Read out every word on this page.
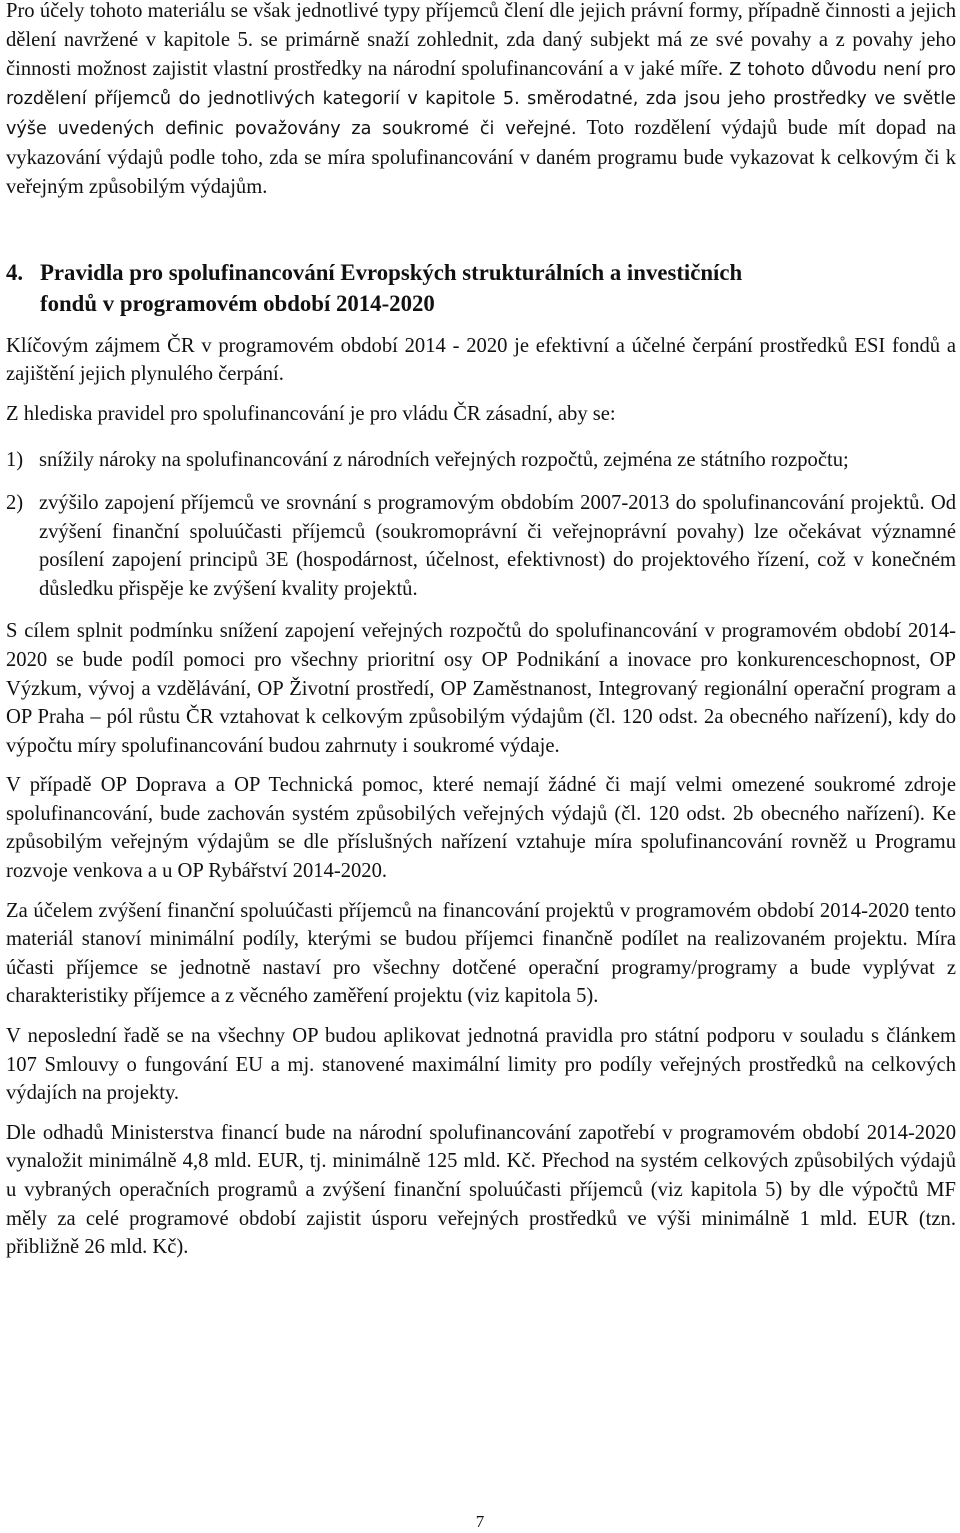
Pro účely tohoto materiálu se však jednotlivé typy příjemců člení dle jejich právní formy, případně činnosti a jejich dělení navržené v kapitole 5. se primárně snaží zohlednit, zda daný subjekt má ze své povahy a z povahy jeho činnosti možnost zajistit vlastní prostředky na národní spolufinancování a v jaké míře. Z tohoto důvodu není pro rozdělení příjemců do jednotlivých kategorií v kapitole 5. směrodatné, zda jsou jeho prostředky ve světle výše uvedených definic považovány za soukromé či veřejné. Toto rozdělení výdajů bude mít dopad na vykazování výdajů podle toho, zda se míra spolufinancování v daném programu bude vykazovat k celkovým či k veřejným způsobilým výdajům.

4. Pravidla pro spolufinancování Evropských strukturálních a investičních
fondů v programovém období 2014-2020

Klíčovým zájmem ČR v programovém období 2014 - 2020 je efektivní a účelné čerpání prostředků ESI fondů a zajištění jejich plynulého čerpání.

Z hlediska pravidel pro spolufinancování je pro vládu ČR zásadní, aby se:

1) snížily nároky na spolufinancování z národních veřejných rozpočtů, zejména ze státního rozpočtu;
2) zvýšilo zapojení příjemců ve srovnání s programovým obdobím 2007-2013 do spolufinancování projektů. Od zvýšení finanční spoluúčasti příjemců (soukromoprávní či veřejnoprávní povahy) lze očekávat významné posílení zapojení principů 3E (hospodárnost, účelnost, efektivnost) do projektového řízení, což v konečném důsledku přispěje ke zvýšení kvality projektů.

S cílem splnit podmínku snížení zapojení veřejných rozpočtů do spolufinancování v programovém období 2014-2020 se bude podíl pomoci pro všechny prioritní osy OP Podnikání a inovace pro konkurenceschopnost, OP Výzkum, vývoj a vzdělávání, OP Životní prostředí, OP Zaměstnanost, Integrovaný regionální operační program a OP Praha – pól růstu ČR vztahovat k celkovým způsobilým výdajům (čl. 120 odst. 2a obecného nařízení), kdy do výpočtu míry spolufinancování budou zahrnuty i soukromé výdaje.

V případě OP Doprava a OP Technická pomoc, které nemají žádné či mají velmi omezené soukromé zdroje spolufinancování, bude zachován systém způsobilých veřejných výdajů (čl. 120 odst. 2b obecného nařízení). Ke způsobilým veřejným výdajům se dle příslušných nařízení vztahuje míra spolufinancování rovněž u Programu rozvoje venkova a u OP Rybářství 2014-2020.

Za účelem zvýšení finanční spoluúčasti příjemců na financování projektů v programovém období 2014-2020 tento materiál stanoví minimální podíly, kterými se budou příjemci finančně podílet na realizovaném projektu. Míra účasti příjemce se jednotně nastaví pro všechny dotčené operační programy/programy a bude vyplývat z charakteristiky příjemce a z věcného zaměření projektu (viz kapitola 5).

V neposlední řadě se na všechny OP budou aplikovat jednotná pravidla pro státní podporu v souladu s článkem 107 Smlouvy o fungování EU a mj. stanovené maximální limity pro podíly veřejných prostředků na celkových výdajích na projekty.

Dle odhadů Ministerstva financí bude na národní spolufinancování zapotřebí v programovém období 2014-2020 vynaložit minimálně 4,8 mld. EUR, tj. minimálně 125 mld. Kč. Přechod na systém celkových způsobilých výdajů u vybraných operačních programů a zvýšení finanční spoluúčasti příjemců (viz kapitola 5) by dle výpočtů MF měly za celé programové období zajistit úsporu veřejných prostředků ve výši minimálně 1 mld. EUR (tzn. přibližně 26 mld. Kč).

7
